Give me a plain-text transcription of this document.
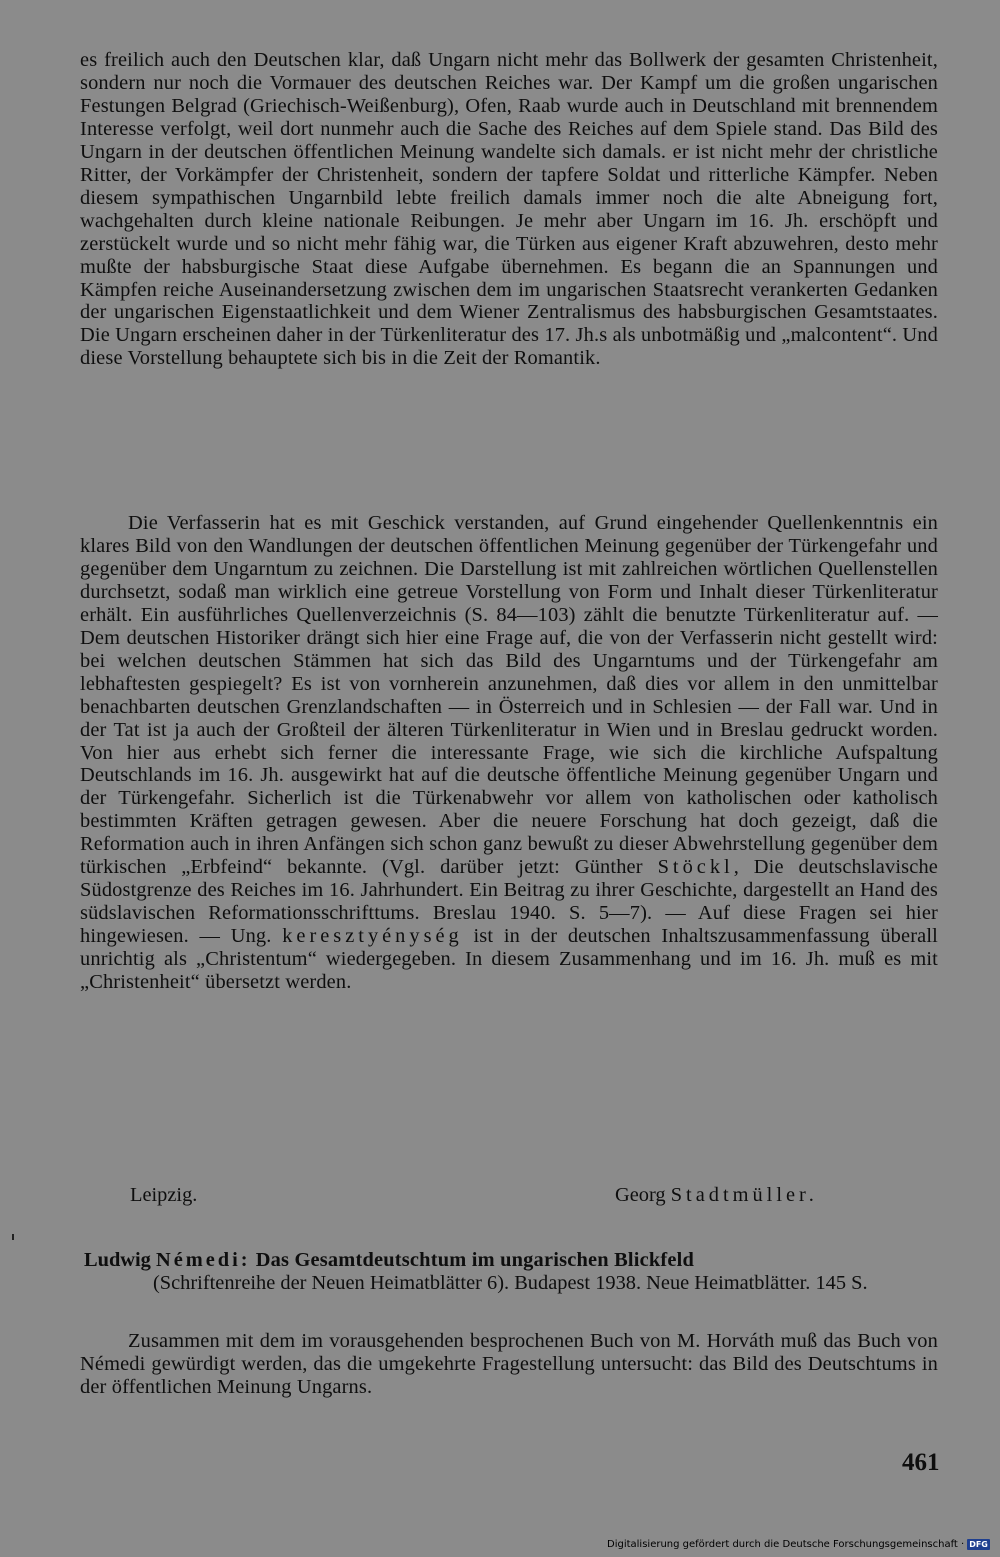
es freilich auch den Deutschen klar, daß Ungarn nicht mehr das Bollwerk der gesamten Christenheit, sondern nur noch die Vormauer des deutschen Reiches war. Der Kampf um die großen ungarischen Festungen Belgrad (Griechisch-Weißenburg), Ofen, Raab wurde auch in Deutschland mit brennendem Interesse verfolgt, weil dort nunmehr auch die Sache des Reiches auf dem Spiele stand. Das Bild des Ungarn in der deutschen öffentlichen Meinung wandelte sich damals. er ist nicht mehr der christliche Ritter, der Vorkämpfer der Christenheit, sondern der tapfere Soldat und ritterliche Kämpfer. Neben diesem sympathischen Ungarnbild lebte freilich damals immer noch die alte Abneigung fort, wachgehalten durch kleine nationale Reibungen. Je mehr aber Ungarn im 16. Jh. erschöpft und zerstückelt wurde und so nicht mehr fähig war, die Türken aus eigener Kraft abzuwehren, desto mehr mußte der habsburgische Staat diese Aufgabe übernehmen. Es begann die an Spannungen und Kämpfen reiche Auseinandersetzung zwischen dem im ungarischen Staatsrecht verankerten Gedanken der ungarischen Eigenstaatlichkeit und dem Wiener Zentralismus des habsburgischen Gesamtstaates. Die Ungarn erscheinen daher in der Türkenliteratur des 17. Jh.s als unbotmäßig und „malcontent“. Und diese Vorstellung behauptete sich bis in die Zeit der Romantik.

Die Verfasserin hat es mit Geschick verstanden, auf Grund eingehender Quellenkenntnis ein klares Bild von den Wandlungen der deutschen öffentlichen Meinung gegenüber der Türkengefahr und gegenüber dem Ungarntum zu zeichnen. Die Darstellung ist mit zahlreichen wörtlichen Quellenstellen durchsetzt, sodaß man wirklich eine getreue Vorstellung von Form und Inhalt dieser Türkenliteratur erhält. Ein ausführliches Quellenverzeichnis (S. 84—103) zählt die benutzte Türkenliteratur auf. — Dem deutschen Historiker drängt sich hier eine Frage auf, die von der Verfasserin nicht gestellt wird: bei welchen deutschen Stämmen hat sich das Bild des Ungarntums und der Türkengefahr am lebhaftesten gespiegelt? Es ist von vornherein anzunehmen, daß dies vor allem in den unmittelbar benachbarten deutschen Grenzlandschaften — in Österreich und in Schlesien — der Fall war. Und in der Tat ist ja auch der Großteil der älteren Türkenliteratur in Wien und in Breslau gedruckt worden. Von hier aus erhebt sich ferner die interessante Frage, wie sich die kirchliche Aufspaltung Deutschlands im 16. Jh. ausgewirkt hat auf die deutsche öffentliche Meinung gegenüber Ungarn und der Türkengefahr. Sicherlich ist die Türkenabwehr vor allem von katholischen oder katholisch bestimmten Kräften getragen gewesen. Aber die neuere Forschung hat doch gezeigt, daß die Reformation auch in ihren Anfängen sich schon ganz bewußt zu dieser Abwehrstellung gegenüber dem türkischen „Erbfeind“ bekannte. (Vgl. darüber jetzt: Günther Stöckl, Die deutschslavische Südostgrenze des Reiches im 16. Jahrhundert. Ein Beitrag zu ihrer Geschichte, dargestellt an Hand des südslavischen Reformationsschrifttums. Breslau 1940. S. 5—7). — Auf diese Fragen sei hier hingewiesen. — Ung. keresztyénység ist in der deutschen Inhaltszusammenfassung überall unrichtig als „Christentum“ wiedergegeben. In diesem Zusammenhang und im 16. Jh. muß es mit „Christenheit“ übersetzt werden.

Leipzig.	Georg Stadtmüller.
Ludwig Némedi: Das Gesamtdeutschtum im ungarischen Blickfeld
(Schriftenreihe der Neuen Heimatblätter 6). Budapest 1938. Neue Heimatblätter. 145 S.

Zusammen mit dem im vorausgehenden besprochenen Buch von M. Horváth muß das Buch von Némedi gewürdigt werden, das die umgekehrte Fragestellung untersucht: das Bild des Deutschtums in der öffentlichen Meinung Ungarns.

461
Digitalisierung gefördert durch die Deutsche Forschungsgemeinschaft · DFG
